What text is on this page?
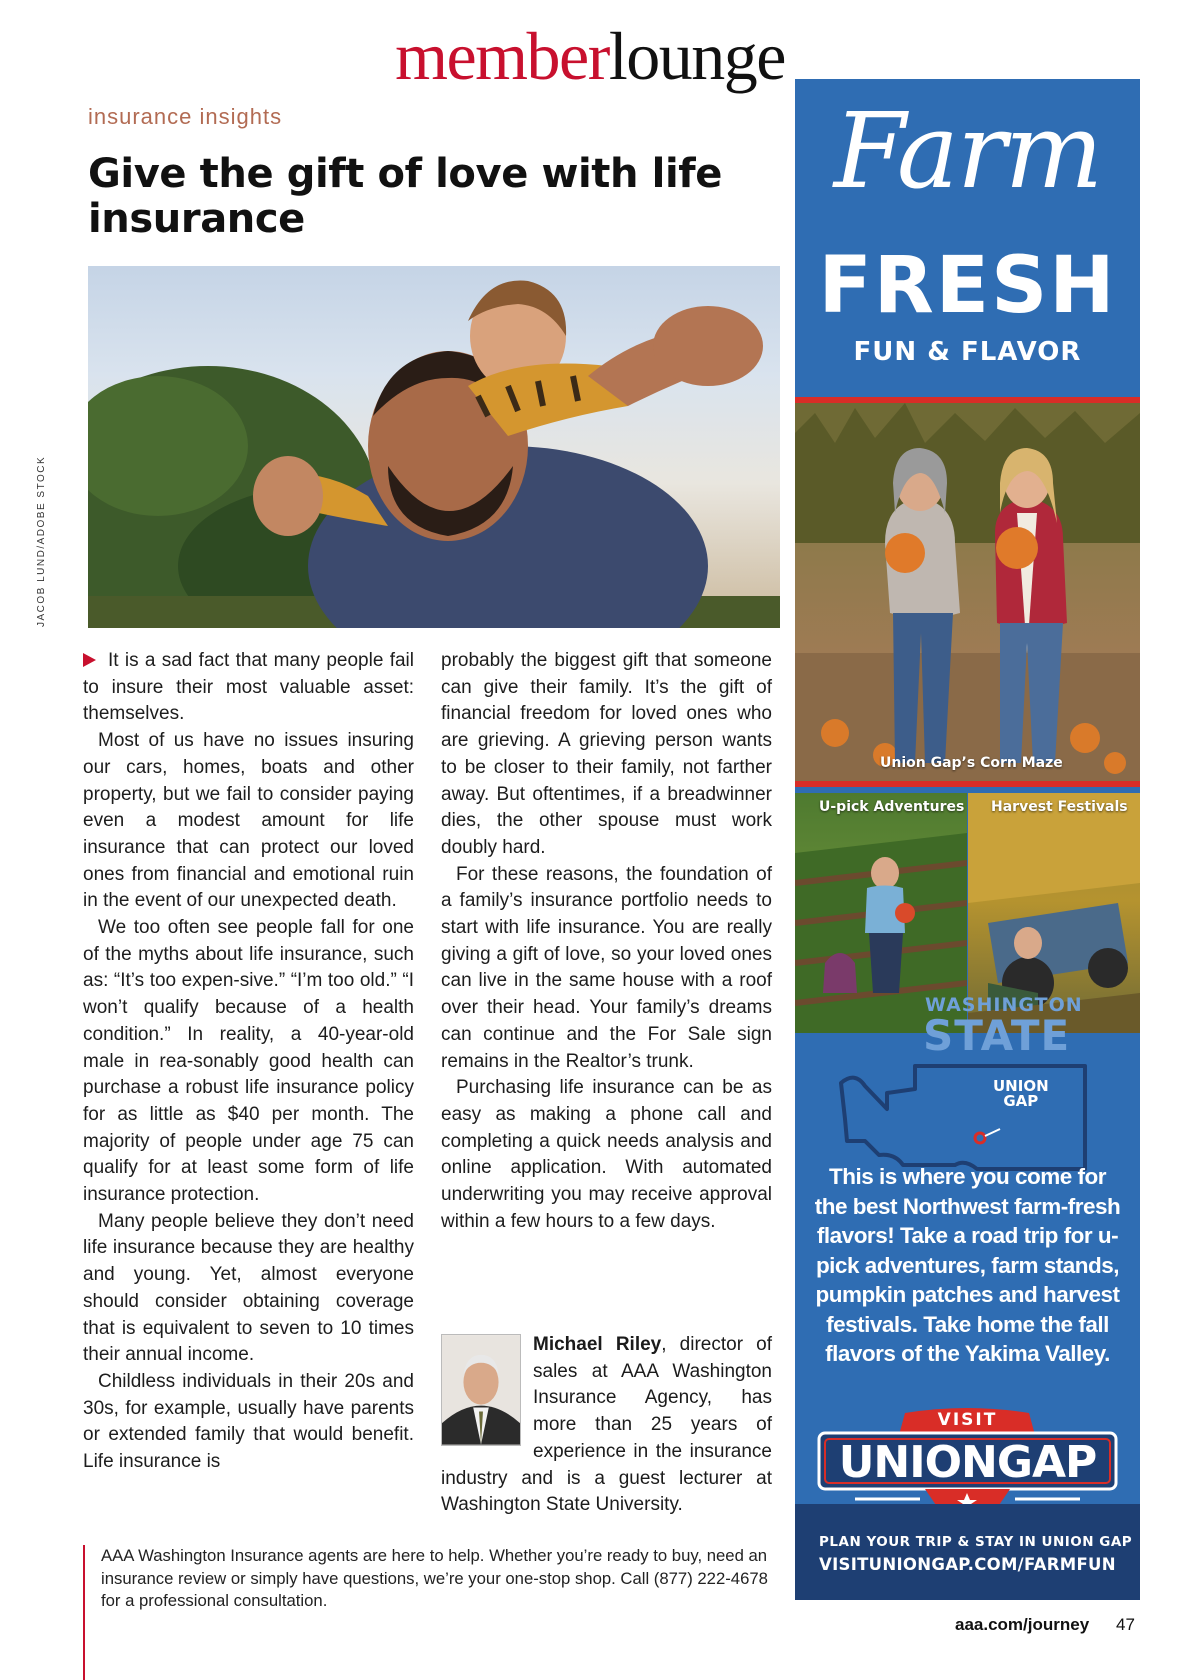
memberlounge
insurance insights
Give the gift of love with life insurance
JACOB LUND/ADOBE STOCK

It is a sad fact that many people fail to insure their most valuable asset: themselves.

Most of us have no issues insuring our cars, homes, boats and other property, but we fail to consider paying even a modest amount for life insurance that can protect our loved ones from financial and emotional ruin in the event of our unexpected death.

We too often see people fall for one of the myths about life insurance, such as: “It’s too expen-sive.” “I’m too old.” “I won’t qualify because of a health condition.” In reality, a 40-year-old male in rea-sonably good health can purchase a robust life insurance policy for as little as $40 per month. The majority of people under age 75 can qualify for at least some form of life insurance protection.

Many people believe they don’t need life insurance because they are healthy and young. Yet, almost everyone should consider obtaining coverage that is equivalent to seven to 10 times their annual income.

Childless individuals in their 20s and 30s, for example, usually have parents or extended family that would benefit. Life insurance is

probably the biggest gift that someone can give their family. It’s the gift of financial freedom for loved ones who are grieving. A grieving person wants to be closer to their family, not farther away. But oftentimes, if a breadwinner dies, the other spouse must work doubly hard.

For these reasons, the foundation of a family’s insurance portfolio needs to start with life insurance. You are really giving a gift of love, so your loved ones can live in the same house with a roof over their head. Your family’s dreams can continue and the For Sale sign remains in the Realtor’s trunk.

Purchasing life insurance can be as easy as making a phone call and completing a quick needs analysis and online application. With automated underwriting you may receive approval within a few hours to a few days.

Michael Riley, director of sales at AAA Washington Insurance Agency, has more than 25 years of experience in the insurance industry and is a guest lecturer at Washington State University.
AAA Washington Insurance agents are here to help. Whether you’re ready to buy, need an insurance review or simply have questions, we’re your one-stop shop. Call (877) 222-4678 for a professional consultation.
aaa.com/journey 47
Farm
FRESH
FUN & FLAVOR
Union Gap’s Corn Maze
U-pick Adventures Harvest Festivals
WASHINGTON
STATE
UNION
GAP
This is where you come for the best Northwest farm-fresh flavors! Take a road trip for u-pick adventures, farm stands, pumpkin patches and harvest festivals. Take home the fall flavors of the Yakima Valley.
VISIT
UNIONGAP
PLAN YOUR TRIP & STAY IN UNION GAP
VISITUNIONGAP.COM/FARMFUN
